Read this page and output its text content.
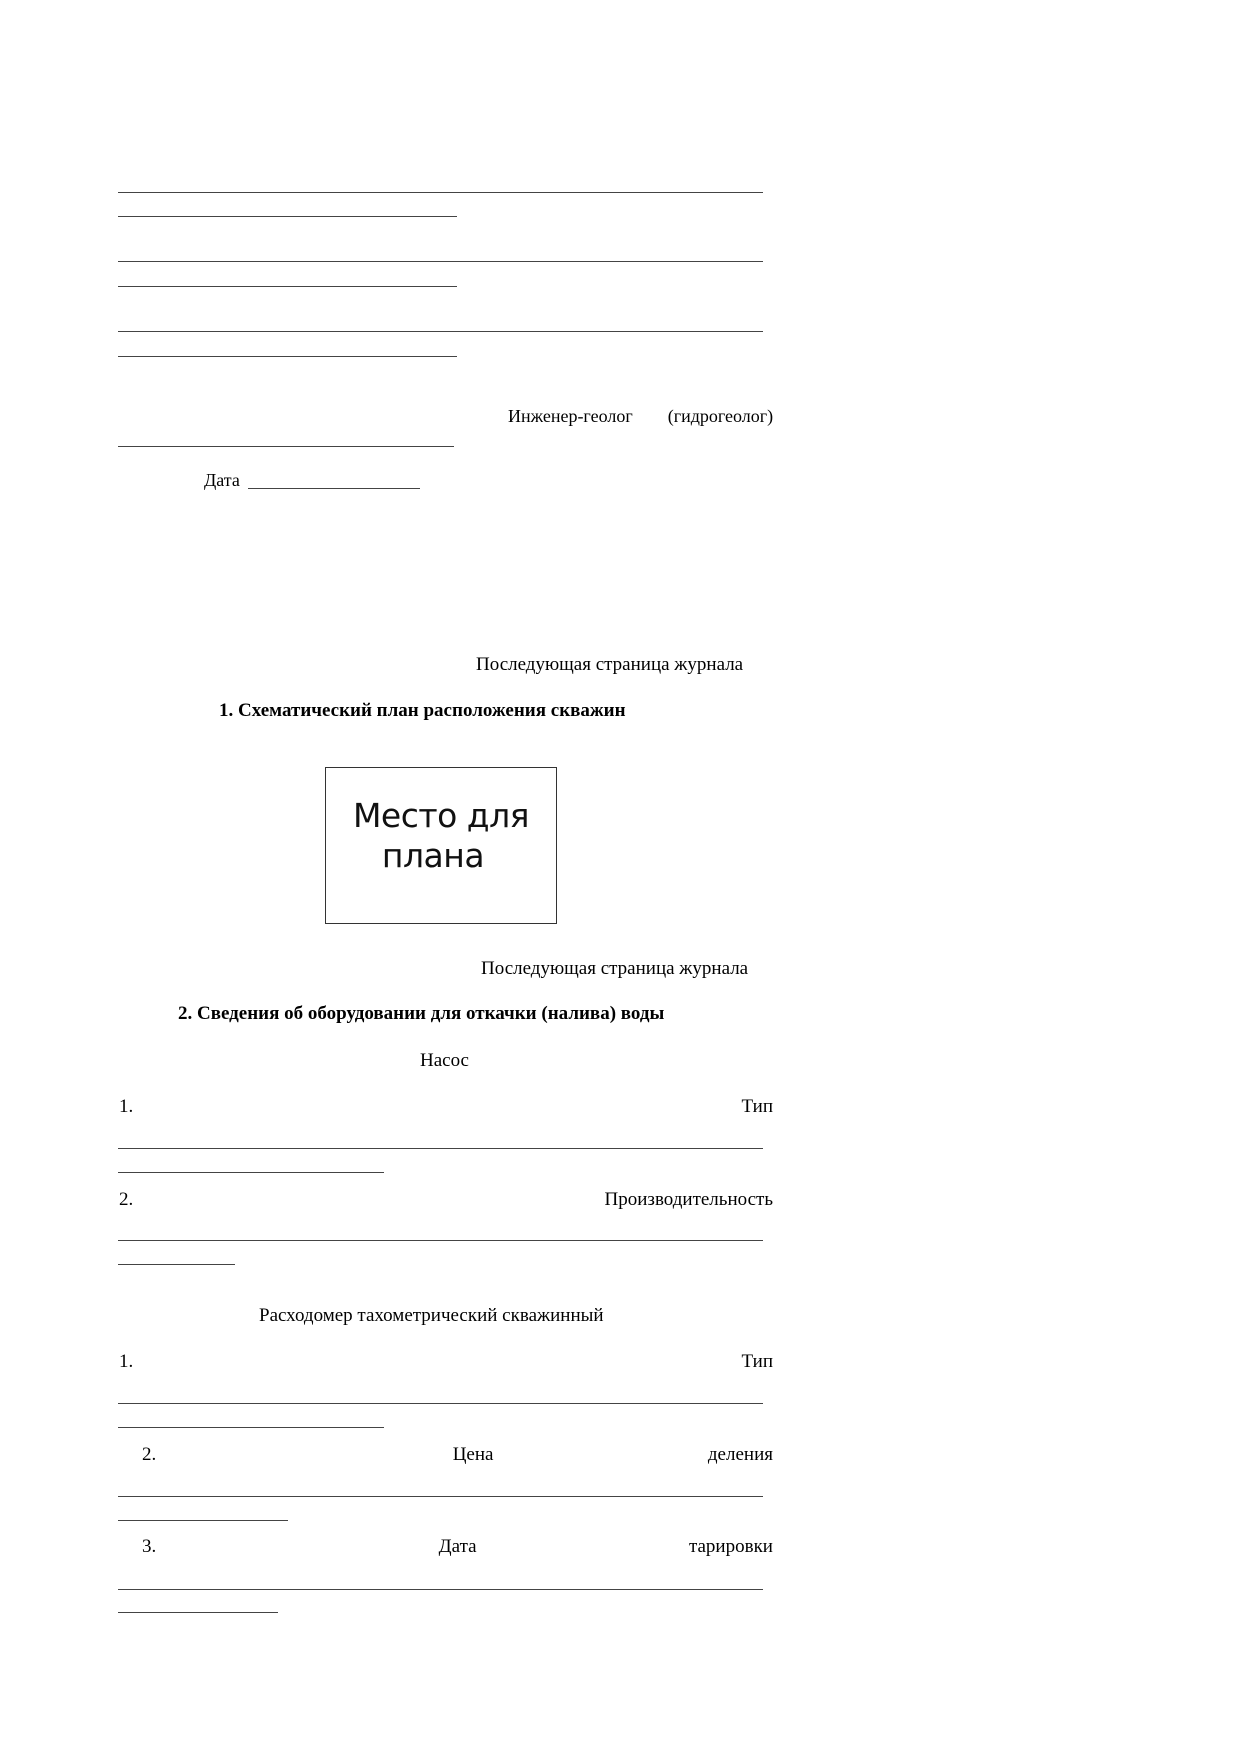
Инженер-геолог (гидрогеолог)
Дата
Последующая страница журнала
1. Схематический план расположения скважин
Место для
плана
Последующая страница журнала
2. Сведения об оборудовании для откачки (налива) воды
Насос
1.	Тип
2.	Производительность
Расходомер тахометрический скважинный
1.	Тип
2.	Цена	деления
3.	Дата	тарировки
